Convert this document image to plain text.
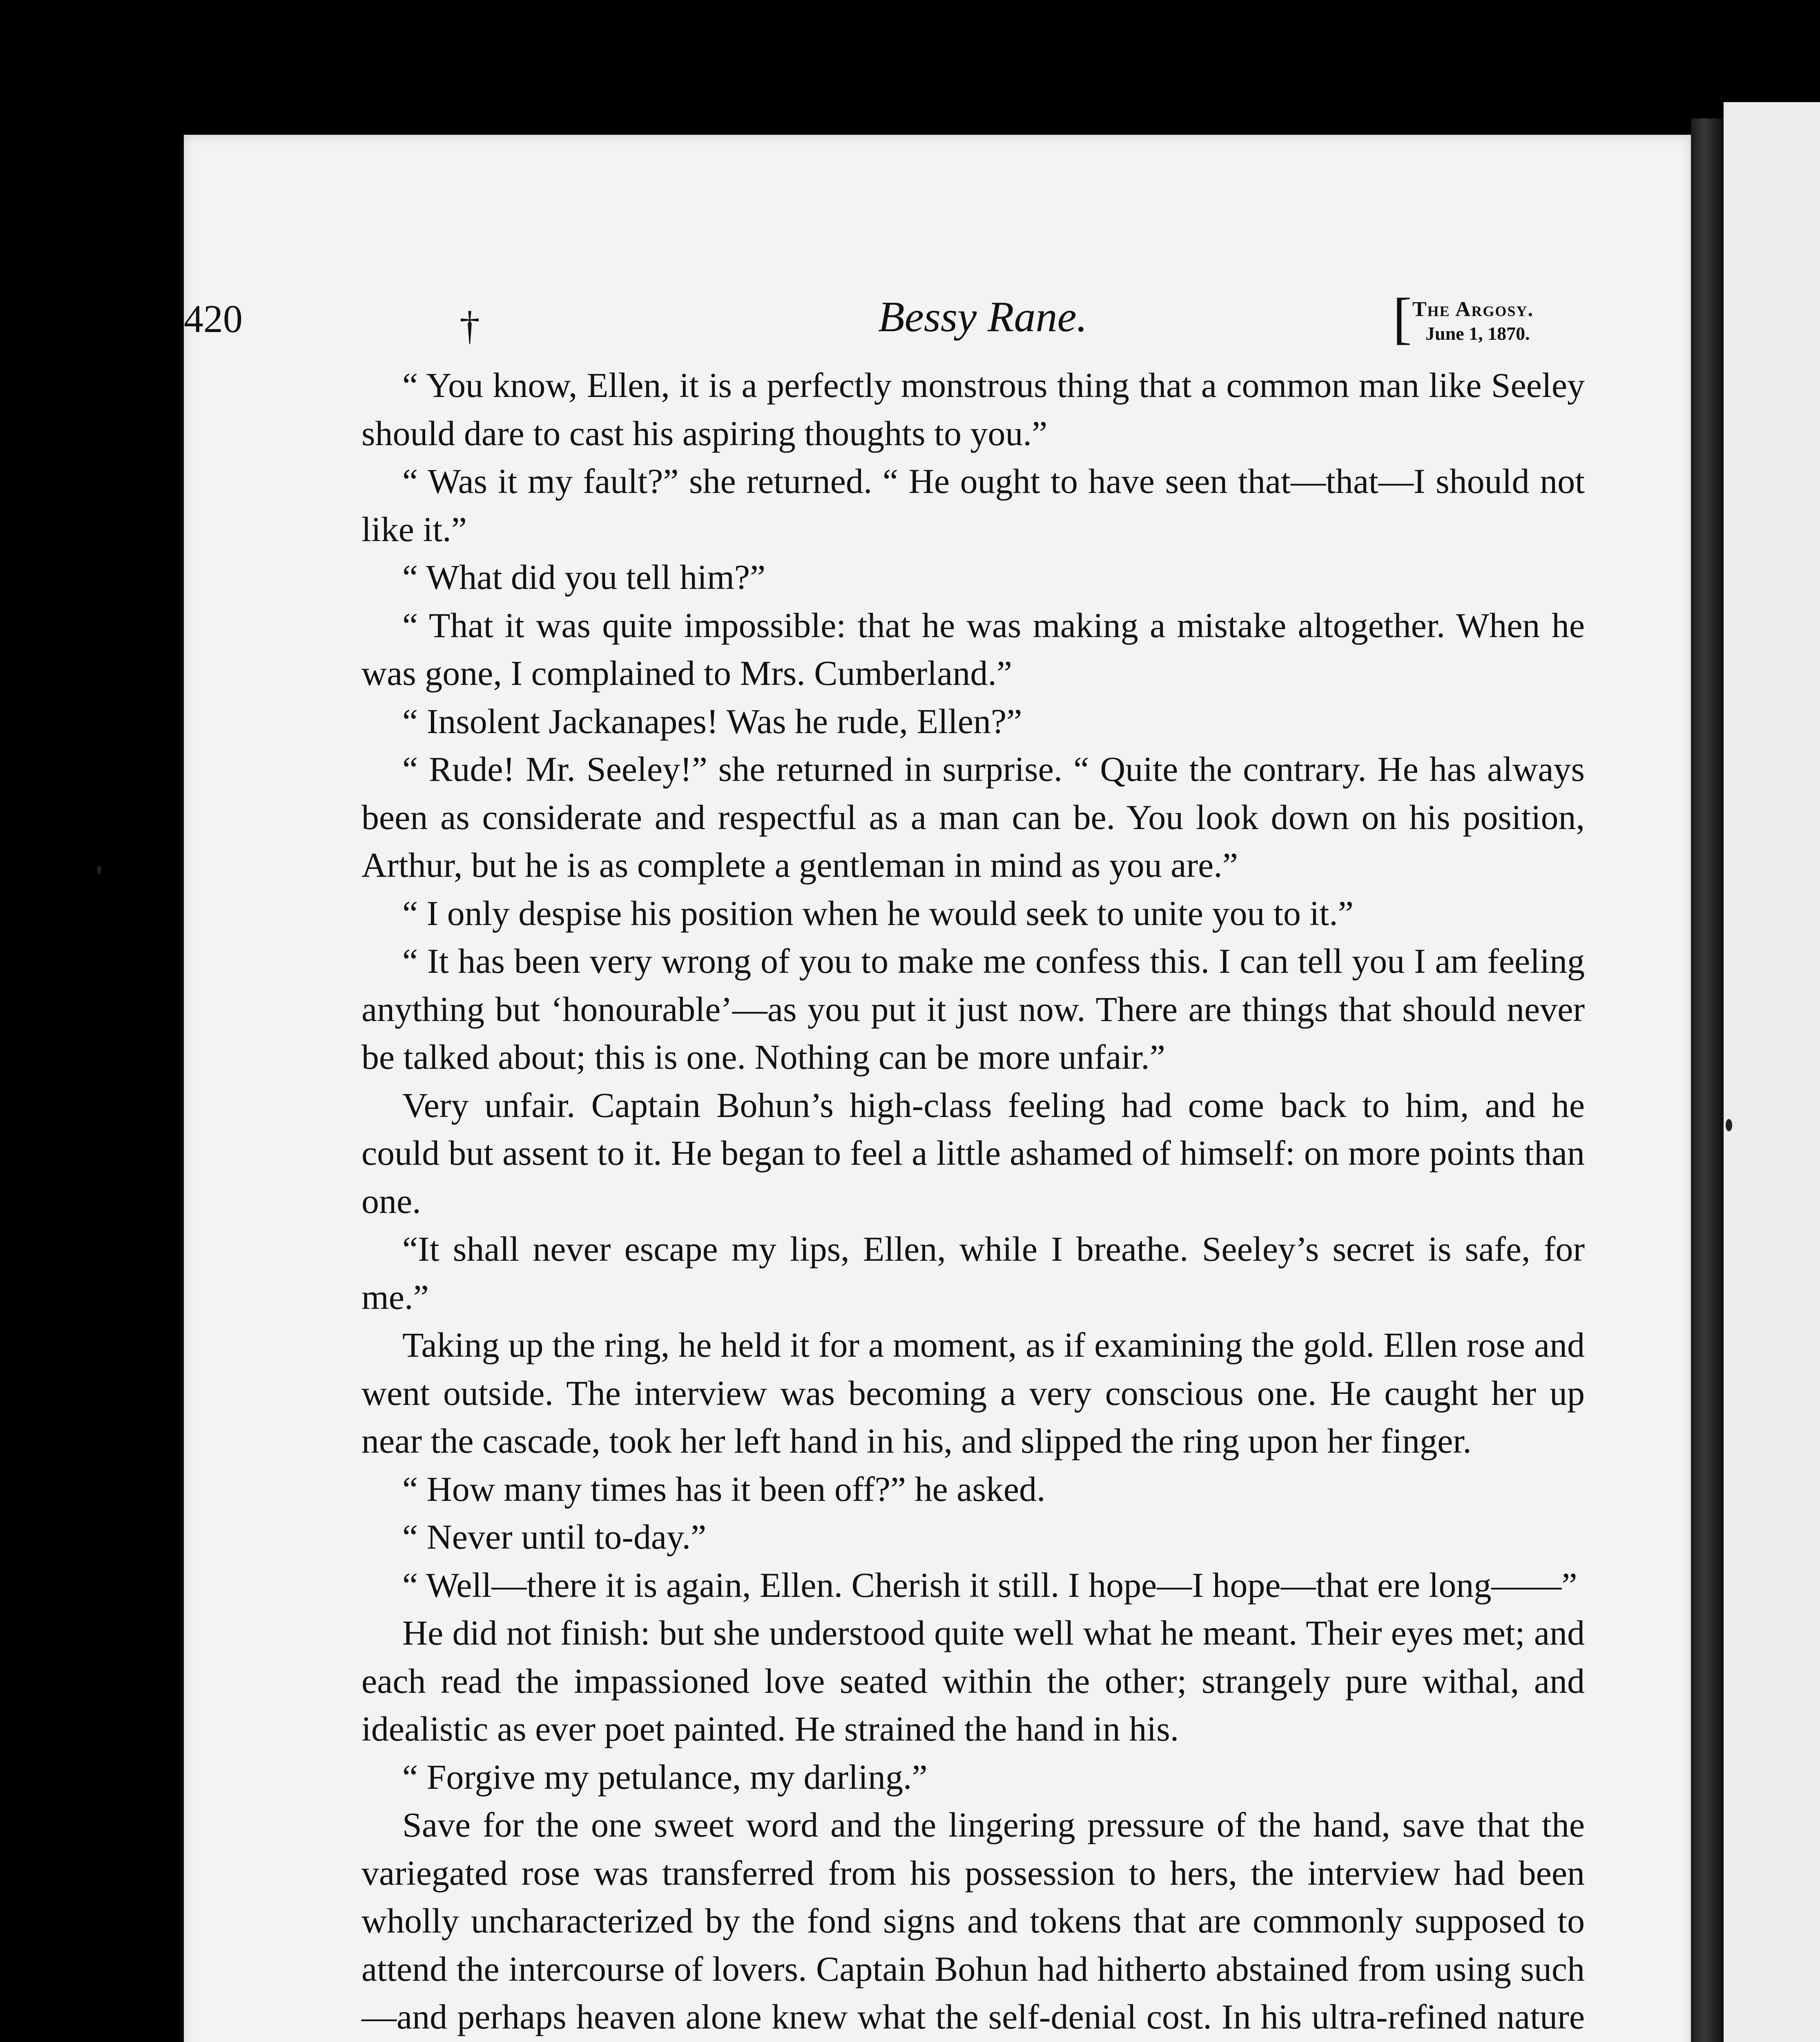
420	†	Bessy Rane.	[ The Argosy.
June 1, 1870.

“ You know, Ellen, it is a perfectly monstrous thing that a common man like Seeley should dare to cast his aspiring thoughts to you.”

“ Was it my fault?” she returned. “ He ought to have seen that—that—I should not like it.”

“ What did you tell him?”

“ That it was quite impossible: that he was making a mistake altogether. When he was gone, I complained to Mrs. Cumberland.”

“ Insolent Jackanapes! Was he rude, Ellen?”

“ Rude! Mr. Seeley!” she returned in surprise. “ Quite the contrary. He has always been as considerate and respectful as a man can be. You look down on his position, Arthur, but he is as complete a gentleman in mind as you are.”

“ I only despise his position when he would seek to unite you to it.”

“ It has been very wrong of you to make me confess this. I can tell you I am feeling anything but ‘honourable’—as you put it just now. There are things that should never be talked about; this is one. Nothing can be more unfair.”

Very unfair. Captain Bohun’s high-class feeling had come back to him, and he could but assent to it. He began to feel a little ashamed of himself: on more points than one.

“It shall never escape my lips, Ellen, while I breathe. Seeley’s secret is safe, for me.”

Taking up the ring, he held it for a moment, as if examining the gold. Ellen rose and went outside. The interview was becoming a very conscious one. He caught her up near the cascade, took her left hand in his, and slipped the ring upon her finger.

“ How many times has it been off?” he asked.

“ Never until to-day.”

“ Well—there it is again, Ellen. Cherish it still. I hope—I hope—that ere long——”

He did not finish: but she understood quite well what he meant. Their eyes met; and each read the impassioned love seated within the other; strangely pure withal, and idealistic as ever poet painted. He strained the hand in his.

“ Forgive my petulance, my darling.”

Save for the one sweet word and the lingering pressure of the hand, save that the variegated rose was transferred from his possession to hers, the interview had been wholly uncharacterized by the fond signs and tokens that are commonly supposed to attend the intercourse of lovers. Captain Bohun had hitherto abstained from using such—and perhaps heaven alone knew what the self-denial cost. In his ultra-refined nature
